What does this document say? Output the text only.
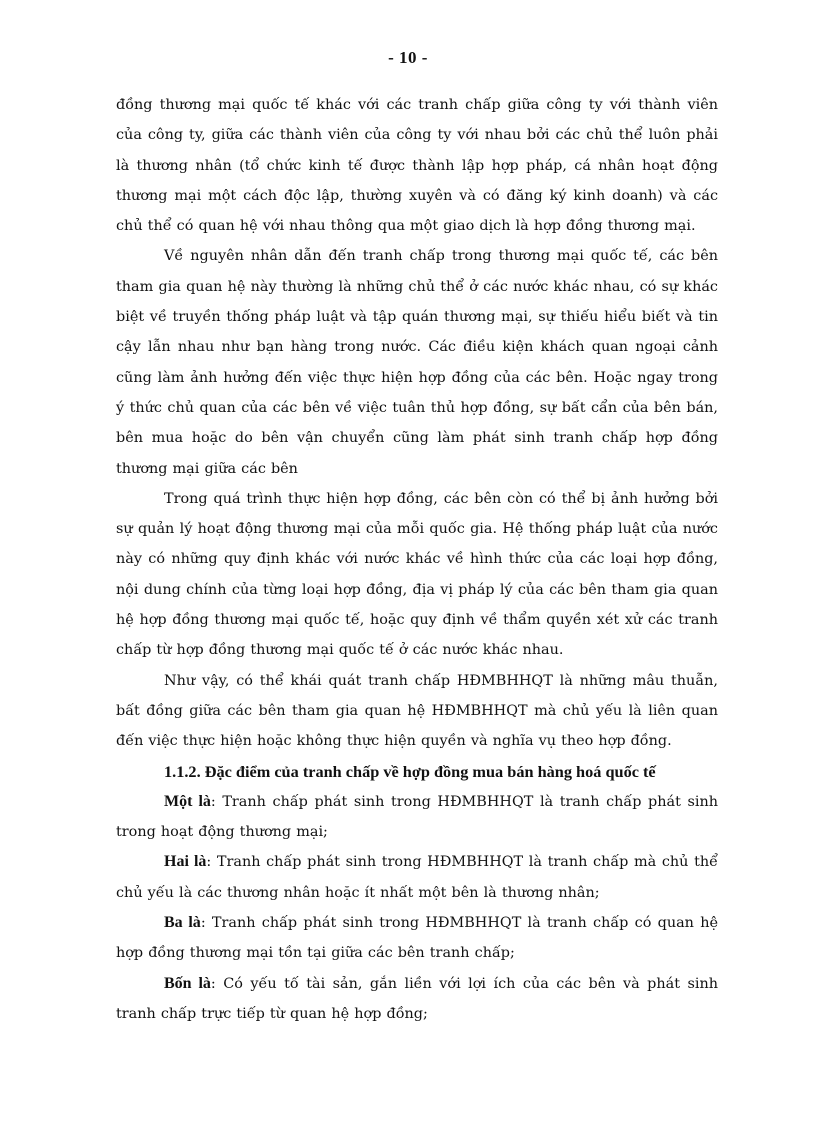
- 10 -

đồng thương mại quốc tế khác với các tranh chấp giữa công ty với thành viên của công ty, giữa các thành viên của công ty với nhau bởi các chủ thể luôn phải là thương nhân (tổ chức kinh tế được thành lập hợp pháp, cá nhân hoạt động thương mại một cách độc lập, thường xuyên và có đăng ký kinh doanh) và các chủ thể có quan hệ với nhau thông qua một giao dịch là hợp đồng thương mại.

Về nguyên nhân dẫn đến tranh chấp trong thương mại quốc tế, các bên tham gia quan hệ này thường là những chủ thể ở các nước khác nhau, có sự khác biệt về truyền thống pháp luật và tập quán thương mại, sự thiếu hiểu biết và tin cậy lẫn nhau như bạn hàng trong nước. Các điều kiện khách quan ngoại cảnh cũng làm ảnh hưởng đến việc thực hiện hợp đồng của các bên. Hoặc ngay trong ý thức chủ quan của các bên về việc tuân thủ hợp đồng, sự bất cẩn của bên bán, bên mua hoặc do bên vận chuyển cũng làm phát sinh tranh chấp hợp đồng thương mại giữa các bên

Trong quá trình thực hiện hợp đồng, các bên còn có thể bị ảnh hưởng bởi sự quản lý hoạt động thương mại của mỗi quốc gia. Hệ thống pháp luật của nước này có những quy định khác với nước khác về hình thức của các loại hợp đồng, nội dung chính của từng loại hợp đồng, địa vị pháp lý của các bên tham gia quan hệ hợp đồng thương mại quốc tế, hoặc quy định về thẩm quyền xét xử các tranh chấp từ hợp đồng thương mại quốc tế ở các nước khác nhau.

Như vậy, có thể khái quát tranh chấp HĐMBHHQT là những mâu thuẫn, bất đồng giữa các bên tham gia quan hệ HĐMBHHQT mà chủ yếu là liên quan đến việc thực hiện hoặc không thực hiện quyền và nghĩa vụ theo hợp đồng.

1.1.2. Đặc điểm của tranh chấp về hợp đồng mua bán hàng hoá quốc tế

Một là: Tranh chấp phát sinh trong HĐMBHHQT là tranh chấp phát sinh trong hoạt động thương mại;

Hai là: Tranh chấp phát sinh trong HĐMBHHQT là tranh chấp mà chủ thể chủ yếu là các thương nhân hoặc ít nhất một bên là thương nhân;

Ba là: Tranh chấp phát sinh trong HĐMBHHQT là tranh chấp có quan hệ hợp đồng thương mại tồn tại giữa các bên tranh chấp;

Bốn là: Có yếu tố tài sản, gắn liền với lợi ích của các bên và phát sinh tranh chấp trực tiếp từ quan hệ hợp đồng;
